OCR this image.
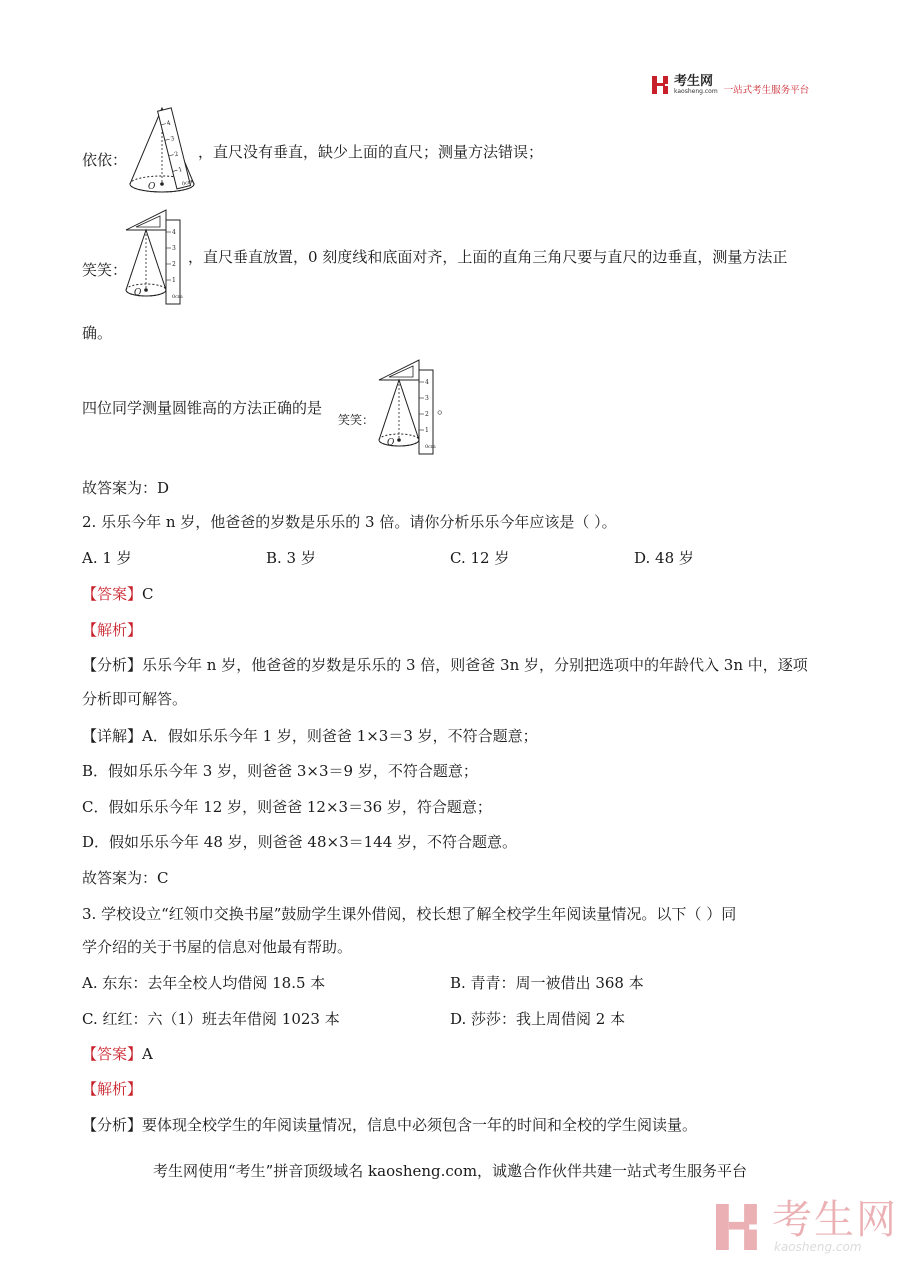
考生网
kaosheng.com 一站式考生服务平台
依依：
O
4
3
2
1
0cm
，直尺没有垂直，缺少上面的直尺；测量方法错误；
笑笑：
O
4
3
2
1
0cm
，直尺垂直放置，0 刻度线和底面对齐，上面的直角三角尺要与直尺的边垂直，测量方法正
确。
四位同学测量圆锥高的方法正确的是
笑笑：
O
4
3
2
1
0cm
。
故答案为：D
2. 乐乐今年 n 岁，他爸爸的岁数是乐乐的 3 倍。请你分析乐乐今年应该是（ ）。
A. 1 岁	B. 3 岁	C. 12 岁	D. 48 岁
【答案】C
【解析】
【分析】乐乐今年 n 岁，他爸爸的岁数是乐乐的 3 倍，则爸爸 3n 岁，分别把选项中的年龄代入 3n 中，逐项
分析即可解答。
【详解】A．假如乐乐今年 1 岁，则爸爸 1×3＝3 岁，不符合题意；
B．假如乐乐今年 3 岁，则爸爸 3×3＝9 岁，不符合题意；
C．假如乐乐今年 12 岁，则爸爸 12×3＝36 岁，符合题意；
D．假如乐乐今年 48 岁，则爸爸 48×3＝144 岁，不符合题意。
故答案为：C
3. 学校设立“红领巾交换书屋”鼓励学生课外借阅，校长想了解全校学生年阅读量情况。以下（ ）同
学介绍的关于书屋的信息对他最有帮助。
A. 东东：去年全校人均借阅 18.5 本	B. 青青：周一被借出 368 本
C. 红红：六（1）班去年借阅 1023 本	D. 莎莎：我上周借阅 2 本
【答案】A
【解析】
【分析】要体现全校学生的年阅读量情况，信息中必须包含一年的时间和全校的学生阅读量。
考生网使用“考生”拼音顶级域名 kaosheng.com，诚邀合作伙伴共建一站式考生服务平台
考生网
kaosheng.com
